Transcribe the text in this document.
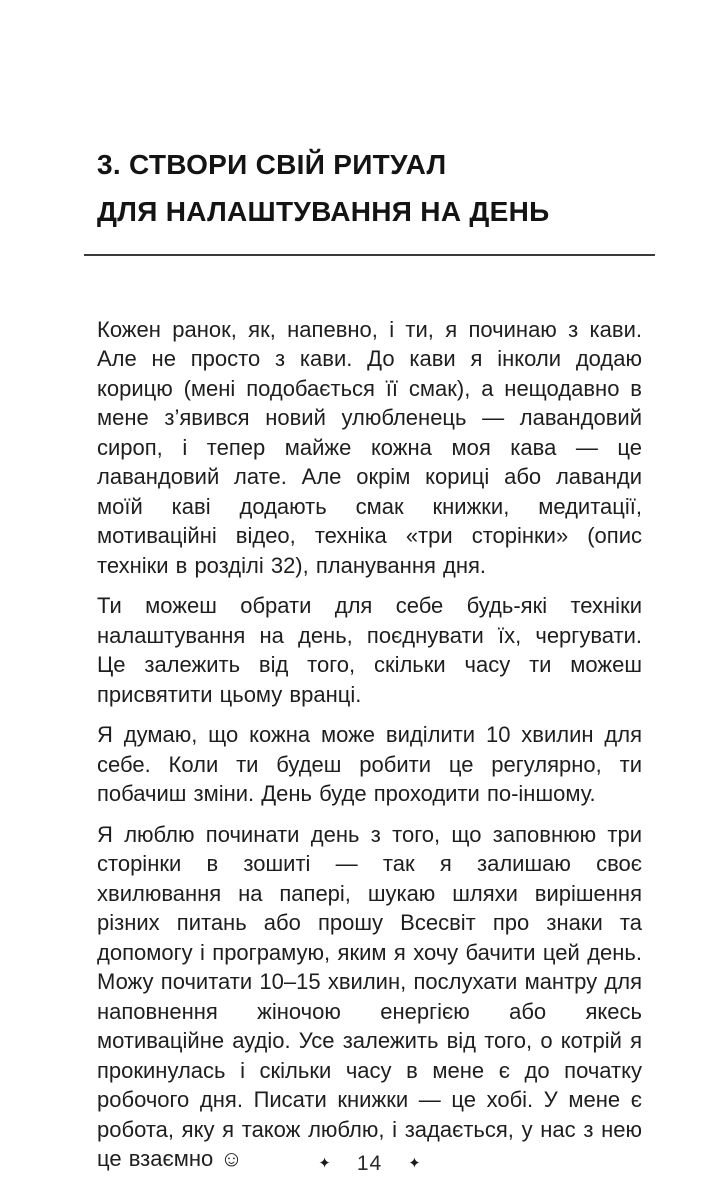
3. СТВОРИ СВІЙ РИТУАЛ
ДЛЯ НАЛАШТУВАННЯ НА ДЕНЬ

Кожен ранок, як, напевно, і ти, я починаю з кави. Але не просто з кави. До кави я інколи додаю корицю (мені подобається її смак), а нещодавно в мене з’явився новий улюбленець — лавандовий сироп, і тепер майже кожна моя кава — це лавандовий лате. Але окрім кориці або лаванди моїй каві додають смак книжки, медитації, мотиваційні відео, техніка «три сторінки» (опис техніки в розділі 32), планування дня.

Ти можеш обрати для себе будь-які техніки налаштування на день, поєднувати їх, чергувати. Це залежить від того, скільки часу ти можеш присвятити цьому вранці.

Я думаю, що кожна може виділити 10 хвилин для себе. Коли ти будеш робити це регулярно, ти побачиш зміни. День буде проходити по-іншому.

Я люблю починати день з того, що заповнюю три сторінки в зошиті — так я залишаю своє хвилювання на папері, шукаю шляхи вирішення різних питань або прошу Всесвіт про знаки та допомогу і програмую, яким я хочу бачити цей день. Можу почитати 10–15 хвилин, послухати мантру для наповнення жіночою енергією або якесь мотиваційне аудіо. Усе залежить від того, о котрій я прокинулась і скільки часу в мене є до початку робочого дня. Писати книжки — це хобі. У мене є робота, яку я також люблю, і задається, у нас з нею це взаємно ☺	✦ 14 ✦
